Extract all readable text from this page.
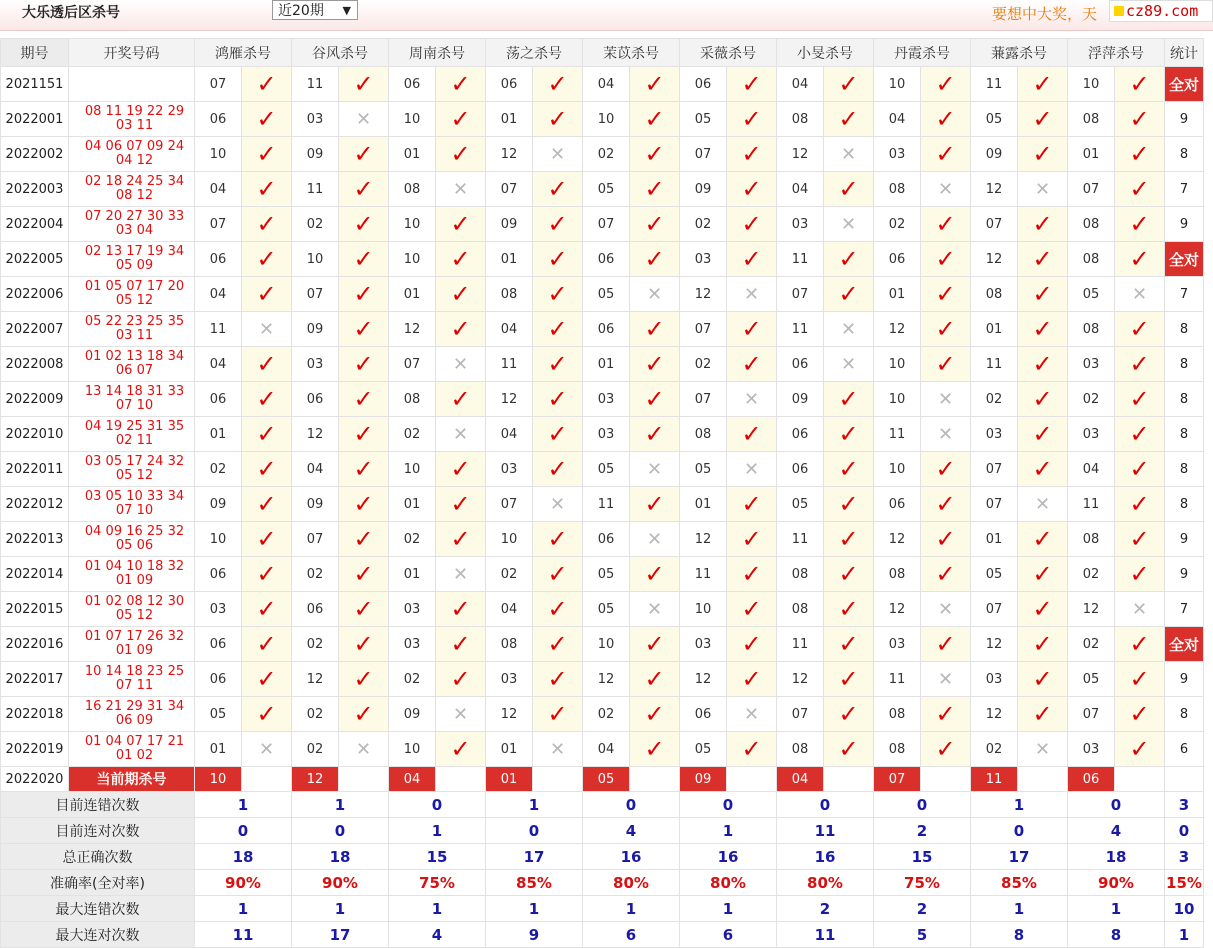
大乐透后区杀号	近20期 ▼	要想中大奖，天	cz89.com
期号	开奖号码	鸿雁杀号		谷风杀号		周南杀号		荡之杀号		茉苡杀号		采薇杀号		小旻杀号		丹霞杀号		蒹露杀号		浮萍杀号		统计
2021151		07	✓	11	✓	06	✓	06	✓	04	✓	06	✓	04	✓	10	✓	11	✓	10	✓	全对
2022001	08 11 19 22 29
03 11	06	✓	03	✕	10	✓	01	✓	10	✓	05	✓	08	✓	04	✓	05	✓	08	✓	9
2022002	04 06 07 09 24
04 12	10	✓	09	✓	01	✓	12	✕	02	✓	07	✓	12	✕	03	✓	09	✓	01	✓	8
2022003	02 18 24 25 34
08 12	04	✓	11	✓	08	✕	07	✓	05	✓	09	✓	04	✓	08	✕	12	✕	07	✓	7
2022004	07 20 27 30 33
03 04	07	✓	02	✓	10	✓	09	✓	07	✓	02	✓	03	✕	02	✓	07	✓	08	✓	9
2022005	02 13 17 19 34
05 09	06	✓	10	✓	10	✓	01	✓	06	✓	03	✓	11	✓	06	✓	12	✓	08	✓	全对
2022006	01 05 07 17 20
05 12	04	✓	07	✓	01	✓	08	✓	05	✕	12	✕	07	✓	01	✓	08	✓	05	✕	7
2022007	05 22 23 25 35
03 11	11	✕	09	✓	12	✓	04	✓	06	✓	07	✓	11	✕	12	✓	01	✓	08	✓	8
2022008	01 02 13 18 34
06 07	04	✓	03	✓	07	✕	11	✓	01	✓	02	✓	06	✕	10	✓	11	✓	03	✓	8
2022009	13 14 18 31 33
07 10	06	✓	06	✓	08	✓	12	✓	03	✓	07	✕	09	✓	10	✕	02	✓	02	✓	8
2022010	04 19 25 31 35
02 11	01	✓	12	✓	02	✕	04	✓	03	✓	08	✓	06	✓	11	✕	03	✓	03	✓	8
2022011	03 05 17 24 32
05 12	02	✓	04	✓	10	✓	03	✓	05	✕	05	✕	06	✓	10	✓	07	✓	04	✓	8
2022012	03 05 10 33 34
07 10	09	✓	09	✓	01	✓	07	✕	11	✓	01	✓	05	✓	06	✓	07	✕	11	✓	8
2022013	04 09 16 25 32
05 06	10	✓	07	✓	02	✓	10	✓	06	✕	12	✓	11	✓	12	✓	01	✓	08	✓	9
2022014	01 04 10 18 32
01 09	06	✓	02	✓	01	✕	02	✓	05	✓	11	✓	08	✓	08	✓	05	✓	02	✓	9
2022015	01 02 08 12 30
05 12	03	✓	06	✓	03	✓	04	✓	05	✕	10	✓	08	✓	12	✕	07	✓	12	✕	7
2022016	01 07 17 26 32
01 09	06	✓	02	✓	03	✓	08	✓	10	✓	03	✓	11	✓	03	✓	12	✓	02	✓	全对
2022017	10 14 18 23 25
07 11	06	✓	12	✓	02	✓	03	✓	12	✓	12	✓	12	✓	11	✕	03	✓	05	✓	9
2022018	16 21 29 31 34
06 09	05	✓	02	✓	09	✕	12	✓	02	✓	06	✕	07	✓	08	✓	12	✓	07	✓	8
2022019	01 04 07 17 21
01 02	01	✕	02	✕	10	✓	01	✕	04	✓	05	✓	08	✓	08	✓	02	✕	03	✓	6
2022020	当前期杀号	10		12		04		01		05		09		04		07		11		06		
目前连错次数		1		1		0		1		0		0		0		0		1		0		3
目前连对次数		0		0		1		0		4		1		11		2		0		4		0
总正确次数		18		18		15		17		16		16		16		15		17		18		3
准确率(全对率)		90%		90%		75%		85%		80%		80%		80%		75%		85%		90%		15%
最大连错次数		1		1		1		1		1		1		2		2		1		1		10
最大连对次数		11		17		4		9		6		6		11		5		8		8		1
